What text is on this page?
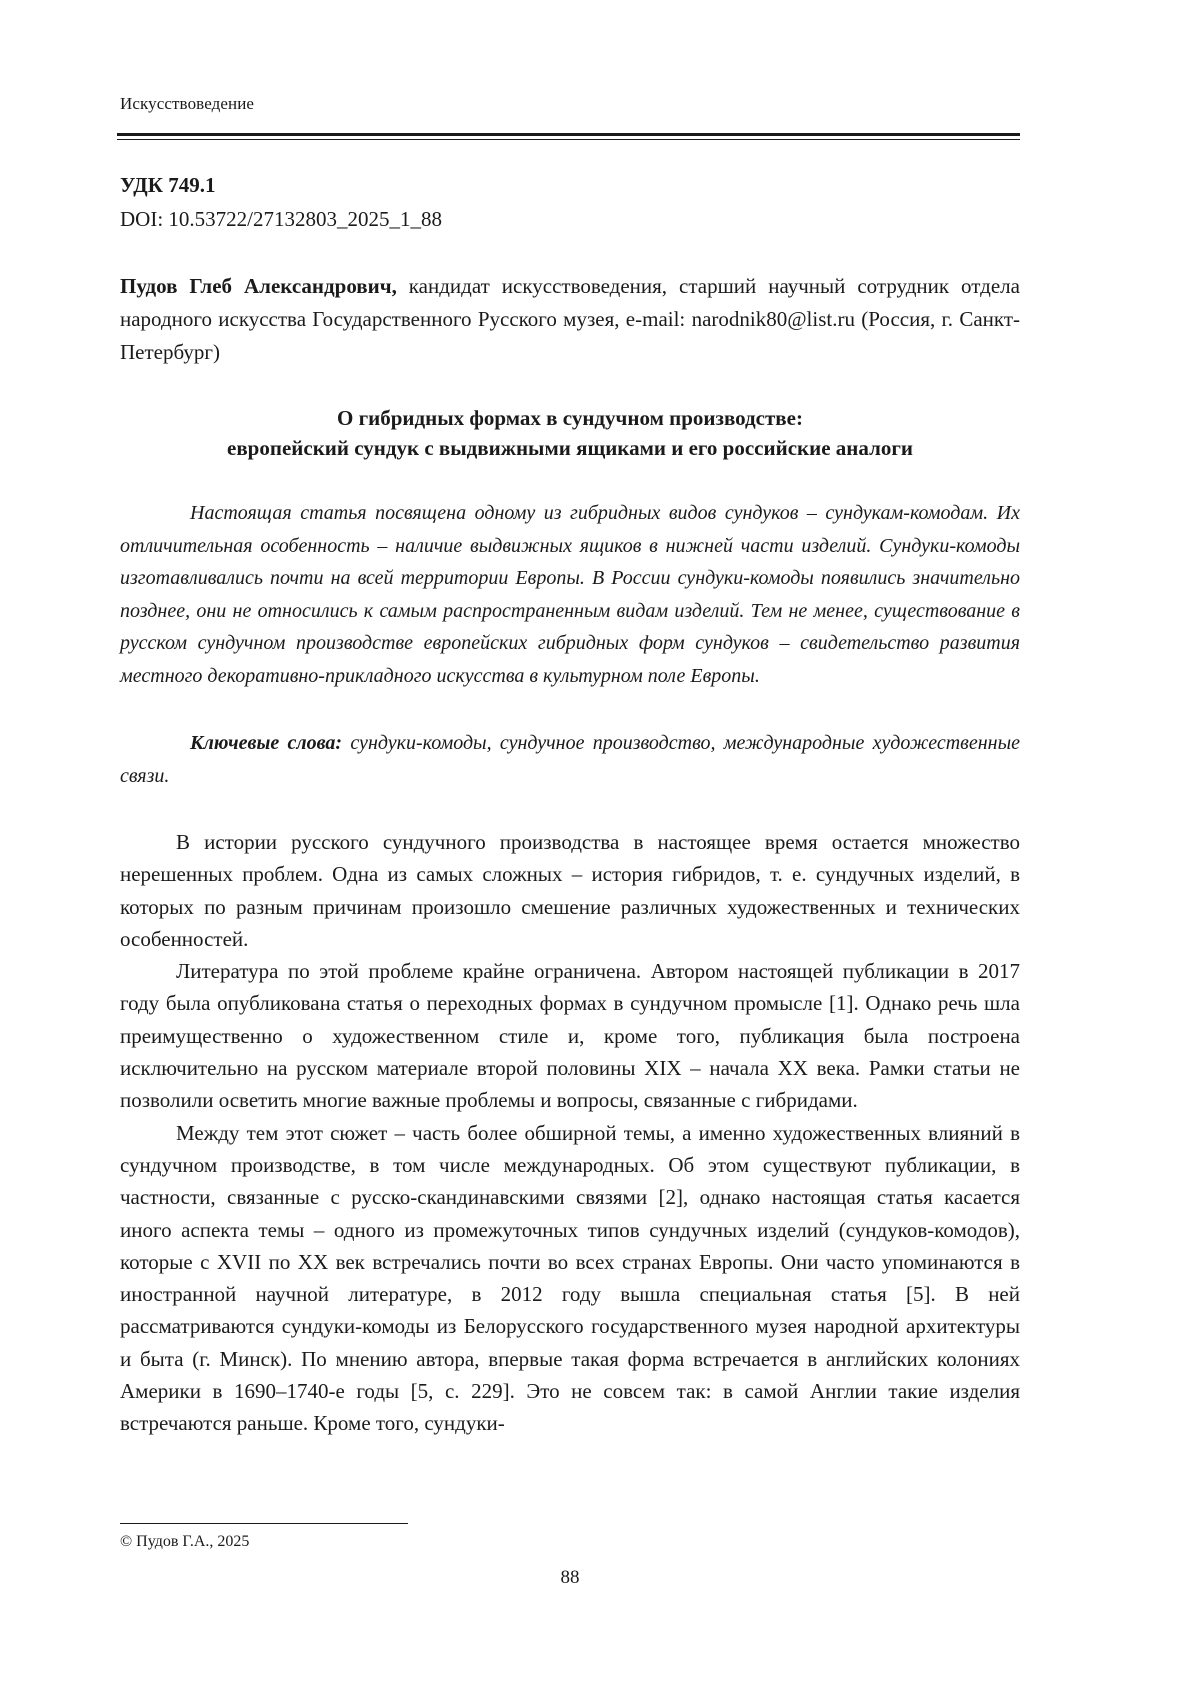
Искусствоведение
УДК 749.1
DOI: 10.53722/27132803_2025_1_88
Пудов Глеб Александрович, кандидат искусствоведения, старший научный сотрудник отдела народного искусства Государственного Русского музея, e-mail: narodnik80@list.ru (Россия, г. Санкт-Петербург)
О гибридных формах в сундучном производстве:
европейский сундук с выдвижными ящиками и его российские аналоги
Настоящая статья посвящена одному из гибридных видов сундуков – сундукам-комодам. Их отличительная особенность – наличие выдвижных ящиков в нижней части изделий. Сундуки-комоды изготавливались почти на всей территории Европы. В России сундуки-комоды появились значительно позднее, они не относились к самым распространенным видам изделий. Тем не менее, существование в русском сундучном производстве европейских гибридных форм сундуков – свидетельство развития местного декоративно-прикладного искусства в культурном поле Европы.
Ключевые слова: сундуки-комоды, сундучное производство, международные художественные связи.

В истории русского сундучного производства в настоящее время остается множество нерешенных проблем. Одна из самых сложных – история гибридов, т. е. сундучных изделий, в которых по разным причинам произошло смешение различных художественных и технических особенностей.

Литература по этой проблеме крайне ограничена. Автором настоящей публикации в 2017 году была опубликована статья о переходных формах в сундучном промысле [1]. Однако речь шла преимущественно о художественном стиле и, кроме того, публикация была построена исключительно на русском материале второй половины XIX – начала XX века. Рамки статьи не позволили осветить многие важные проблемы и вопросы, связанные с гибридами.

Между тем этот сюжет – часть более обширной темы, а именно художественных влияний в сундучном производстве, в том числе международных. Об этом существуют публикации, в частности, связанные с русско-скандинавскими связями [2], однако настоящая статья касается иного аспекта темы – одного из промежуточных типов сундучных изделий (сундуков-комодов), которые с XVII по XX век встречались почти во всех странах Европы. Они часто упоминаются в иностранной научной литературе, в 2012 году вышла специальная статья [5]. В ней рассматриваются сундуки-комоды из Белорусского государственного музея народной архитектуры и быта (г. Минск). По мнению автора, впервые такая форма встречается в английских колониях Америки в 1690–1740-е годы [5, с. 229]. Это не совсем так: в самой Англии такие изделия встречаются раньше. Кроме того, сундуки-

© Пудов Г.А., 2025
88
